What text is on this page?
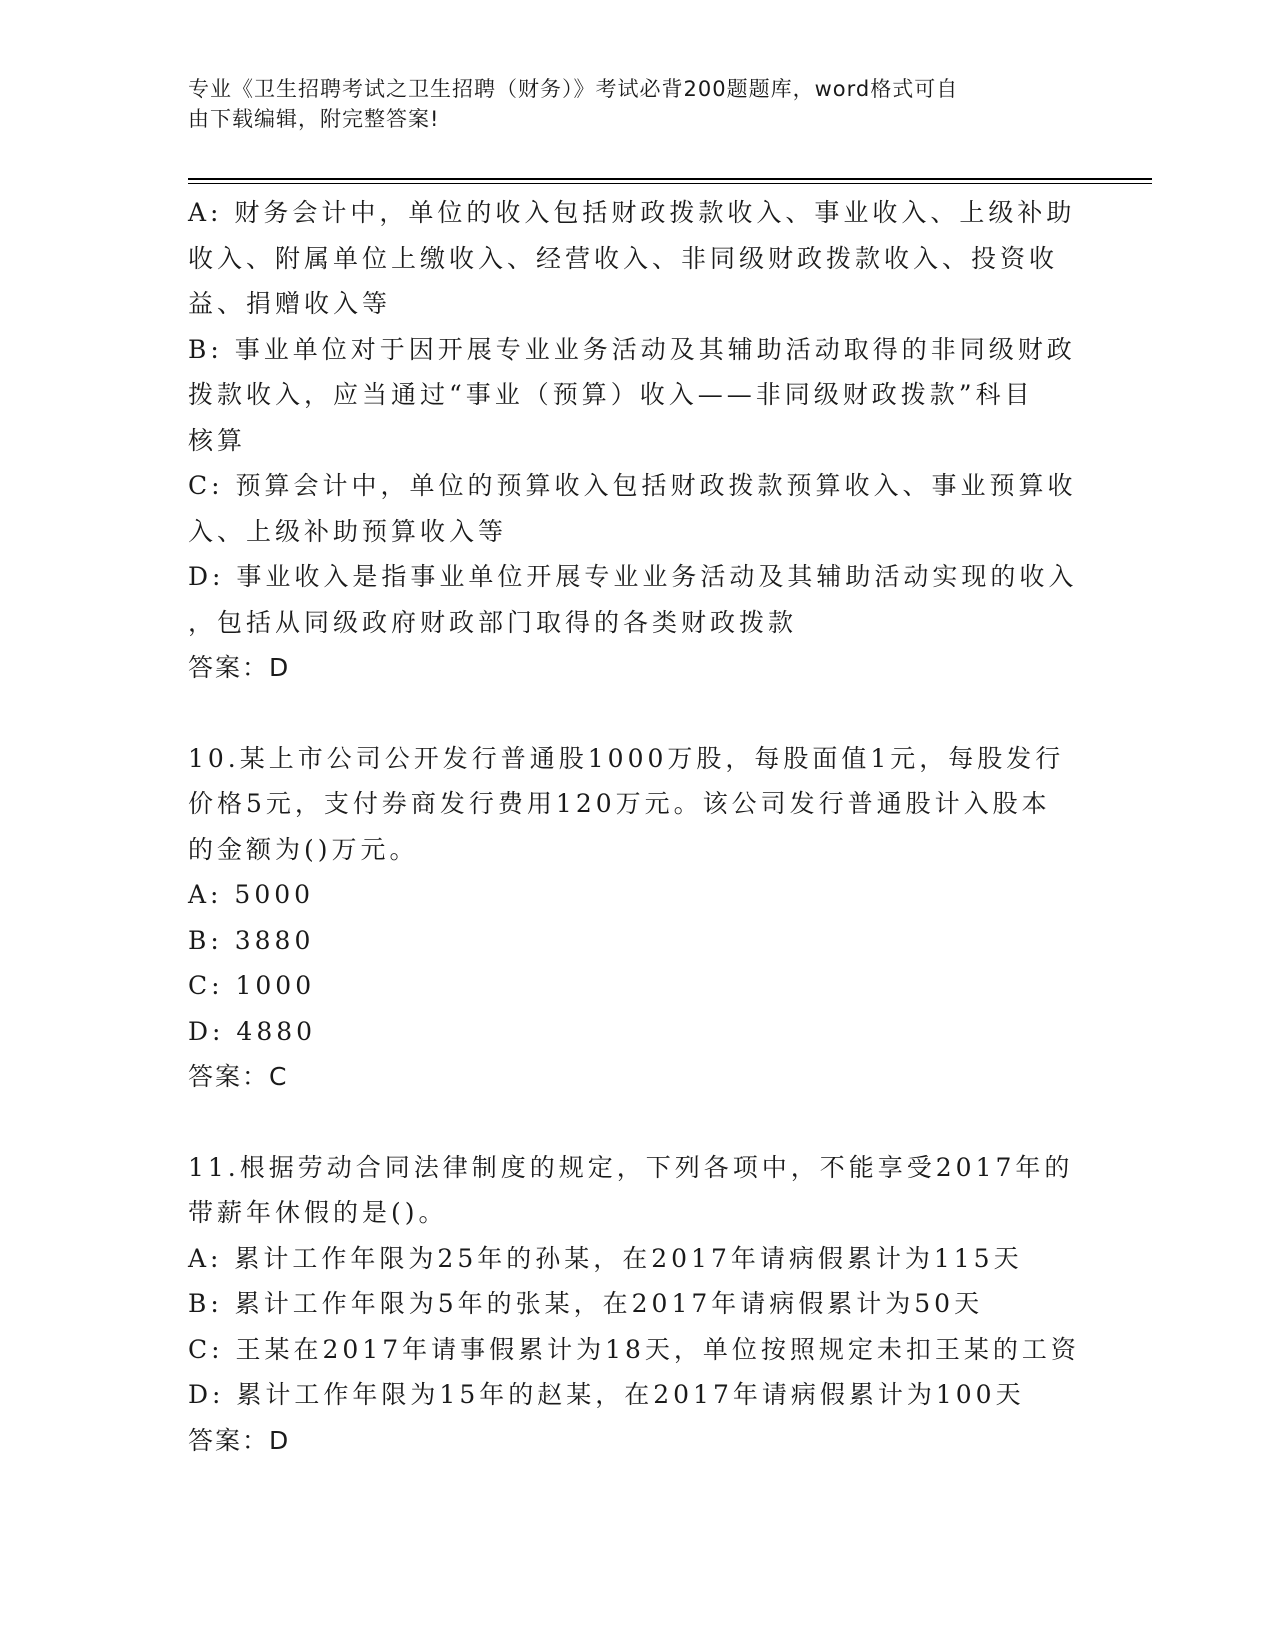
专业《卫生招聘考试之卫生招聘（财务）》考试必背200题题库，word格式可自
由下载编辑，附完整答案!
A: 财务会计中，单位的收入包括财政拨款收入、事业收入、上级补助
收入、附属单位上缴收入、经营收入、非同级财政拨款收入、投资收
益、捐赠收入等
B: 事业单位对于因开展专业业务活动及其辅助活动取得的非同级财政
拨款收入，应当通过“事业（预算）收入——非同级财政拨款”科目
核算
C: 预算会计中，单位的预算收入包括财政拨款预算收入、事业预算收
入、上级补助预算收入等
D: 事业收入是指事业单位开展专业业务活动及其辅助活动实现的收入
，包括从同级政府财政部门取得的各类财政拨款
答案：D
10.某上市公司公开发行普通股1000万股，每股面值1元，每股发行
价格5元，支付券商发行费用120万元。该公司发行普通股计入股本
的金额为()万元。
A: 5000
B: 3880
C: 1000
D: 4880
答案：C
11.根据劳动合同法律制度的规定，下列各项中，不能享受2017年的
带薪年休假的是()。
A: 累计工作年限为25年的孙某，在2017年请病假累计为115天
B: 累计工作年限为5年的张某，在2017年请病假累计为50天
C: 王某在2017年请事假累计为18天，单位按照规定未扣王某的工资
D: 累计工作年限为15年的赵某，在2017年请病假累计为100天
答案：D
